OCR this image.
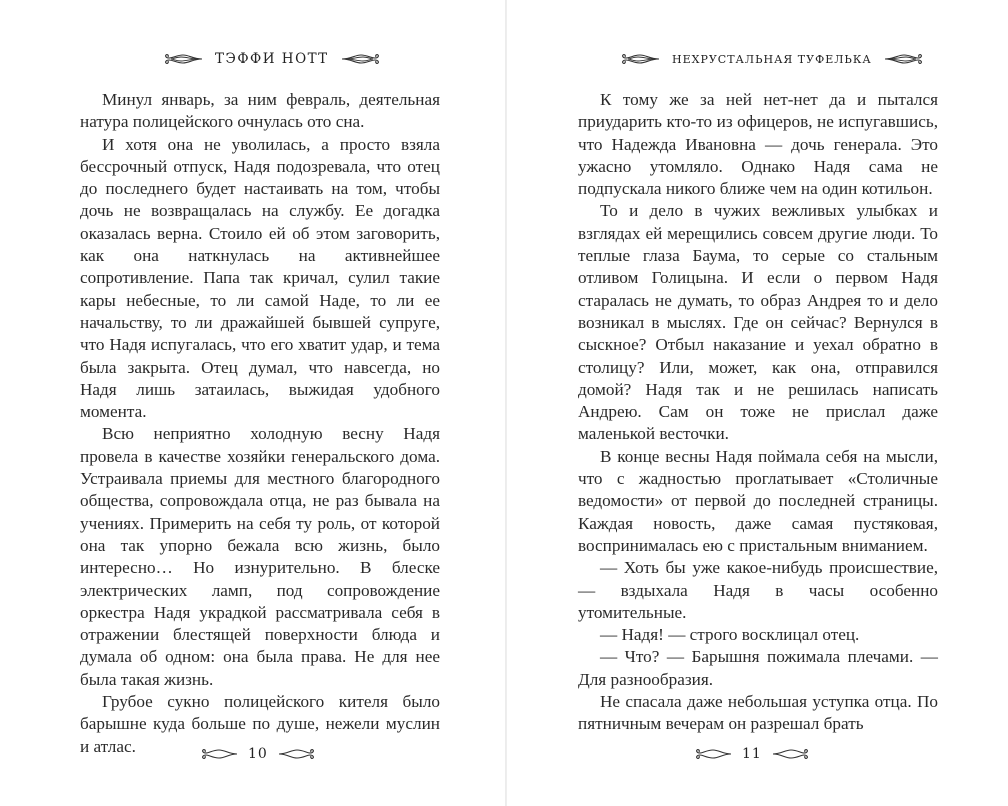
ТЭФФИ НОТТ

Минул январь, за ним февраль, деятельная натура полицейского очнулась ото сна.

И хотя она не уволилась, а просто взяла бессрочный отпуск, Надя подозревала, что отец до последнего будет настаивать на том, чтобы дочь не возвращалась на службу. Ее догадка оказалась верна. Стоило ей об этом заговорить, как она наткнулась на активнейшее сопротивление. Папа так кричал, сулил такие кары небесные, то ли самой Наде, то ли ее начальству, то ли дражайшей бывшей супруге, что Надя испугалась, что его хватит удар, и тема была закрыта. Отец думал, что навсегда, но Надя лишь затаилась, выжидая удобного момента.

Всю неприятно холодную весну Надя провела в качестве хозяйки генеральского дома. Устраивала приемы для местного благородного общества, сопровождала отца, не раз бывала на учениях. Примерить на себя ту роль, от которой она так упорно бежала всю жизнь, было интересно… Но изнурительно. В блеске электрических ламп, под сопровождение оркестра Надя украдкой рассматривала себя в отражении блестящей поверхности блюда и думала об одном: она была права. Не для нее была такая жизнь.

Грубое сукно полицейского кителя было барышне куда больше по душе, нежели муслин и атлас.	10
НЕХРУСТАЛЬНАЯ ТУФЕЛЬКА

К тому же за ней нет-нет да и пытался приударить кто-то из офицеров, не испугавшись, что Надежда Ивановна — дочь генерала. Это ужасно утомляло. Однако Надя сама не подпускала никого ближе чем на один котильон.

То и дело в чужих вежливых улыбках и взглядах ей мерещились совсем другие люди. То теплые глаза Баума, то серые со стальным отливом Голицына. И если о первом Надя старалась не думать, то образ Андрея то и дело возникал в мыслях. Где он сейчас? Вернулся в сыскное? Отбыл наказание и уехал обратно в столицу? Или, может, как она, отправился домой? Надя так и не решилась написать Андрею. Сам он тоже не прислал даже маленькой весточки.

В конце весны Надя поймала себя на мысли, что с жадностью проглатывает «Столичные ведомости» от первой до последней страницы. Каждая новость, даже самая пустяковая, воспринималась ею с пристальным вниманием.

— Хоть бы уже какое-нибудь происшествие, — вздыхала Надя в часы особенно утомительные.

— Надя! — строго восклицал отец.

— Что? — Барышня пожимала плечами. — Для разнообразия.

Не спасала даже небольшая уступка отца. По пятничным вечерам он разрешал брать

11
